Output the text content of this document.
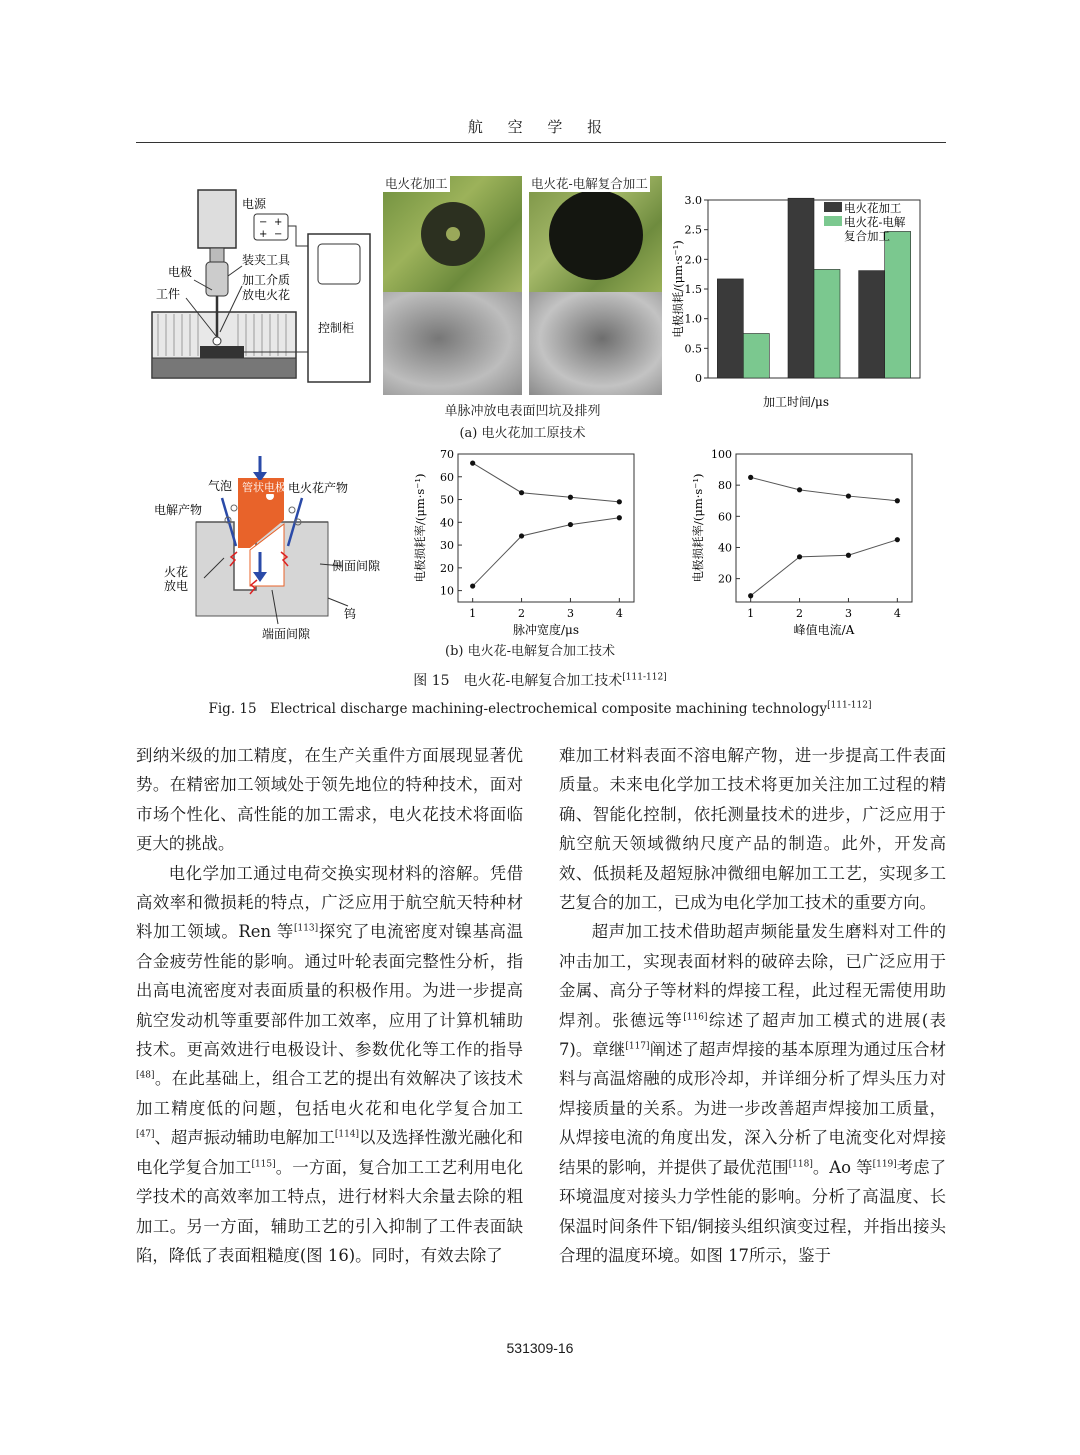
航 空 学 报
− +
+ −
电源
装夹工具
电极
加工介质
放电火花
工件
控制柜
电火花加工	电火花-电解复合加工
单脉冲放电表面凹坑及排列
(a) 电火花加工原技术
0
0.5
1.0
1.5
2.0
2.5
3.0
电火花加工
电火花-电解
复合加工
加工时间/μs
电极损耗/(μm·s⁻¹)
管状电极
气泡	电火花产物
电解产物
火花
放电
侧面间隙
钨
端面间隙
10
20
30
40
50
60
70
1	2	3	4
脉冲宽度/μs
电极损耗率/(μm·s⁻¹)	20
40
60
80
100
1	2	3	4
峰值电流/A
电极损耗率/(μm·s⁻¹)
(b) 电火花-电解复合加工技术
图 15　电火花-电解复合加工技术[111-112]
Fig. 15　Electrical discharge machining-electrochemical composite machining technology[111-112]

到纳米级的加工精度，在生产关重件方面展现显著优势。在精密加工领域处于领先地位的特种技术，面对市场个性化、高性能的加工需求，电火花技术将面临更大的挑战。

电化学加工通过电荷交换实现材料的溶解。凭借高效率和微损耗的特点，广泛应用于航空航天特种材料加工领域。Ren 等[113]探究了电流密度对镍基高温合金疲劳性能的影响。通过叶轮表面完整性分析，指出高电流密度对表面质量的积极作用。为进一步提高航空发动机等重要部件加工效率，应用了计算机辅助技术。更高效进行电极设计、参数优化等工作的指导[48]。在此基础上，组合工艺的提出有效解决了该技术加工精度低的问题，包括电火花和电化学复合加工[47]、超声振动辅助电解加工[114]以及选择性激光融化和电化学复合加工[115]。一方面，复合加工工艺利用电化学技术的高效率加工特点，进行材料大余量去除的粗加工。另一方面，辅助工艺的引入抑制了工件表面缺陷，降低了表面粗糙度(图 16)。同时，有效去除了

难加工材料表面不溶电解产物，进一步提高工件表面质量。未来电化学加工技术将更加关注加工过程的精确、智能化控制，依托测量技术的进步，广泛应用于航空航天领域微纳尺度产品的制造。此外，开发高效、低损耗及超短脉冲微细电解加工工艺，实现多工艺复合的加工，已成为电化学加工技术的重要方向。

超声加工技术借助超声频能量发生磨料对工件的冲击加工，实现表面材料的破碎去除，已广泛应用于金属、高分子等材料的焊接工程，此过程无需使用助焊剂。张德远等[116]综述了超声加工模式的进展(表 7)。章继[117]阐述了超声焊接的基本原理为通过压合材料与高温熔融的成形冷却，并详细分析了焊头压力对焊接质量的关系。为进一步改善超声焊接加工质量，从焊接电流的角度出发，深入分析了电流变化对焊接结果的影响，并提供了最优范围[118]。Ao 等[119]考虑了环境温度对接头力学性能的影响。分析了高温度、长保温时间条件下铝/铜接头组织演变过程，并指出接头合理的温度环境。如图 17所示，鉴于

531309-16
